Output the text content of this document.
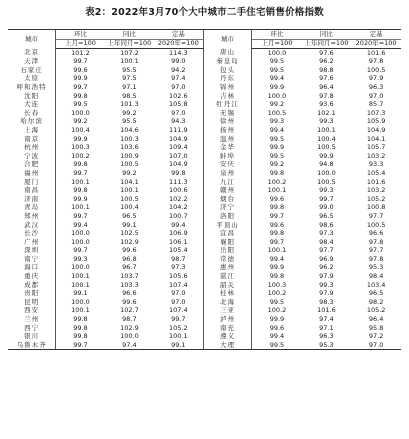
表2：2022年3月70个大中城市二手住宅销售价格指数
城市	环比	同比	定基	城市	环比	同比	定基
	上月=100	上年同月=100	2020年=100		上月=100	上年同月=100	2020年=100
北京	101.2	107.2	114.3	唐山	100.0	97.6	101.6
天津	99.7	100.1	99.0	秦皇岛	99.5	96.2	97.8
石家庄	99.6	95.5	94.2	包头	99.5	98.8	100.5
太原	99.9	97.5	97.4	丹东	99.4	97.6	97.9
呼和浩特	99.7	97.1	97.0	锦州	99.9	96.4	96.3
沈阳	99.8	98.5	102.6	吉林	100.0	97.8	97.0
大连	99.5	101.3	105.8	牡丹江	99.2	93.6	85.7
长春	100.0	99.2	97.0	无锡	100.5	102.1	107.3
哈尔滨	99.2	95.5	94.3	徐州	99.3	99.3	105.9
上海	100.4	104.6	111.9	扬州	99.4	100.1	104.9
南京	99.9	100.3	104.9	温州	99.5	100.4	104.1
杭州	100.3	103.6	109.4	金华	99.9	100.5	105.7
宁波	100.2	100.9	107.0	蚌埠	99.5	99.9	103.2
合肥	99.8	100.5	104.9	安庆	99.2	94.8	93.3
福州	99.7	99.2	99.8	泉州	99.8	100.0	105.4
厦门	100.1	104.1	111.3	九江	100.2	100.5	101.6
南昌	99.8	100.1	100.6	赣州	100.1	99.3	103.2
济南	99.9	100.5	102.2	烟台	99.6	99.7	105.2
青岛	100.1	100.4	104.2	济宁	99.8	99.0	100.8
郑州	99.7	96.5	100.7	洛阳	99.7	96.5	97.7
武汉	99.4	99.1	99.4	平顶山	99.6	98.6	100.5
长沙	100.0	102.5	106.9	宜昌	99.8	97.3	96.6
广州	100.0	102.9	106.1	襄阳	99.7	98.4	97.8
深圳	99.7	99.6	105.4	岳阳	100.1	97.7	97.7
南宁	99.3	96.8	98.7	常德	99.4	96.9	97.8
海口	100.0	96.7	97.3	惠州	99.9	96.2	95.3
重庆	100.1	103.7	105.6	湛江	99.8	97.9	98.4
成都	100.1	103.3	107.4	韶关	100.3	99.3	103.4
贵阳	99.1	96.6	97.0	桂林	100.2	97.9	96.5
昆明	100.0	99.6	97.0	北海	99.5	98.3	98.2
西安	100.1	102.7	107.4	三亚	100.2	101.6	105.2
兰州	99.8	98.7	99.7	泸州	99.9	97.4	96.4
西宁	99.8	102.9	105.2	南充	99.6	97.1	95.8
银川	99.8	100.0	100.1	遵义	99.4	96.3	97.2
乌鲁木齐	99.7	97.4	99.1	大理	99.5	95.3	97.0
